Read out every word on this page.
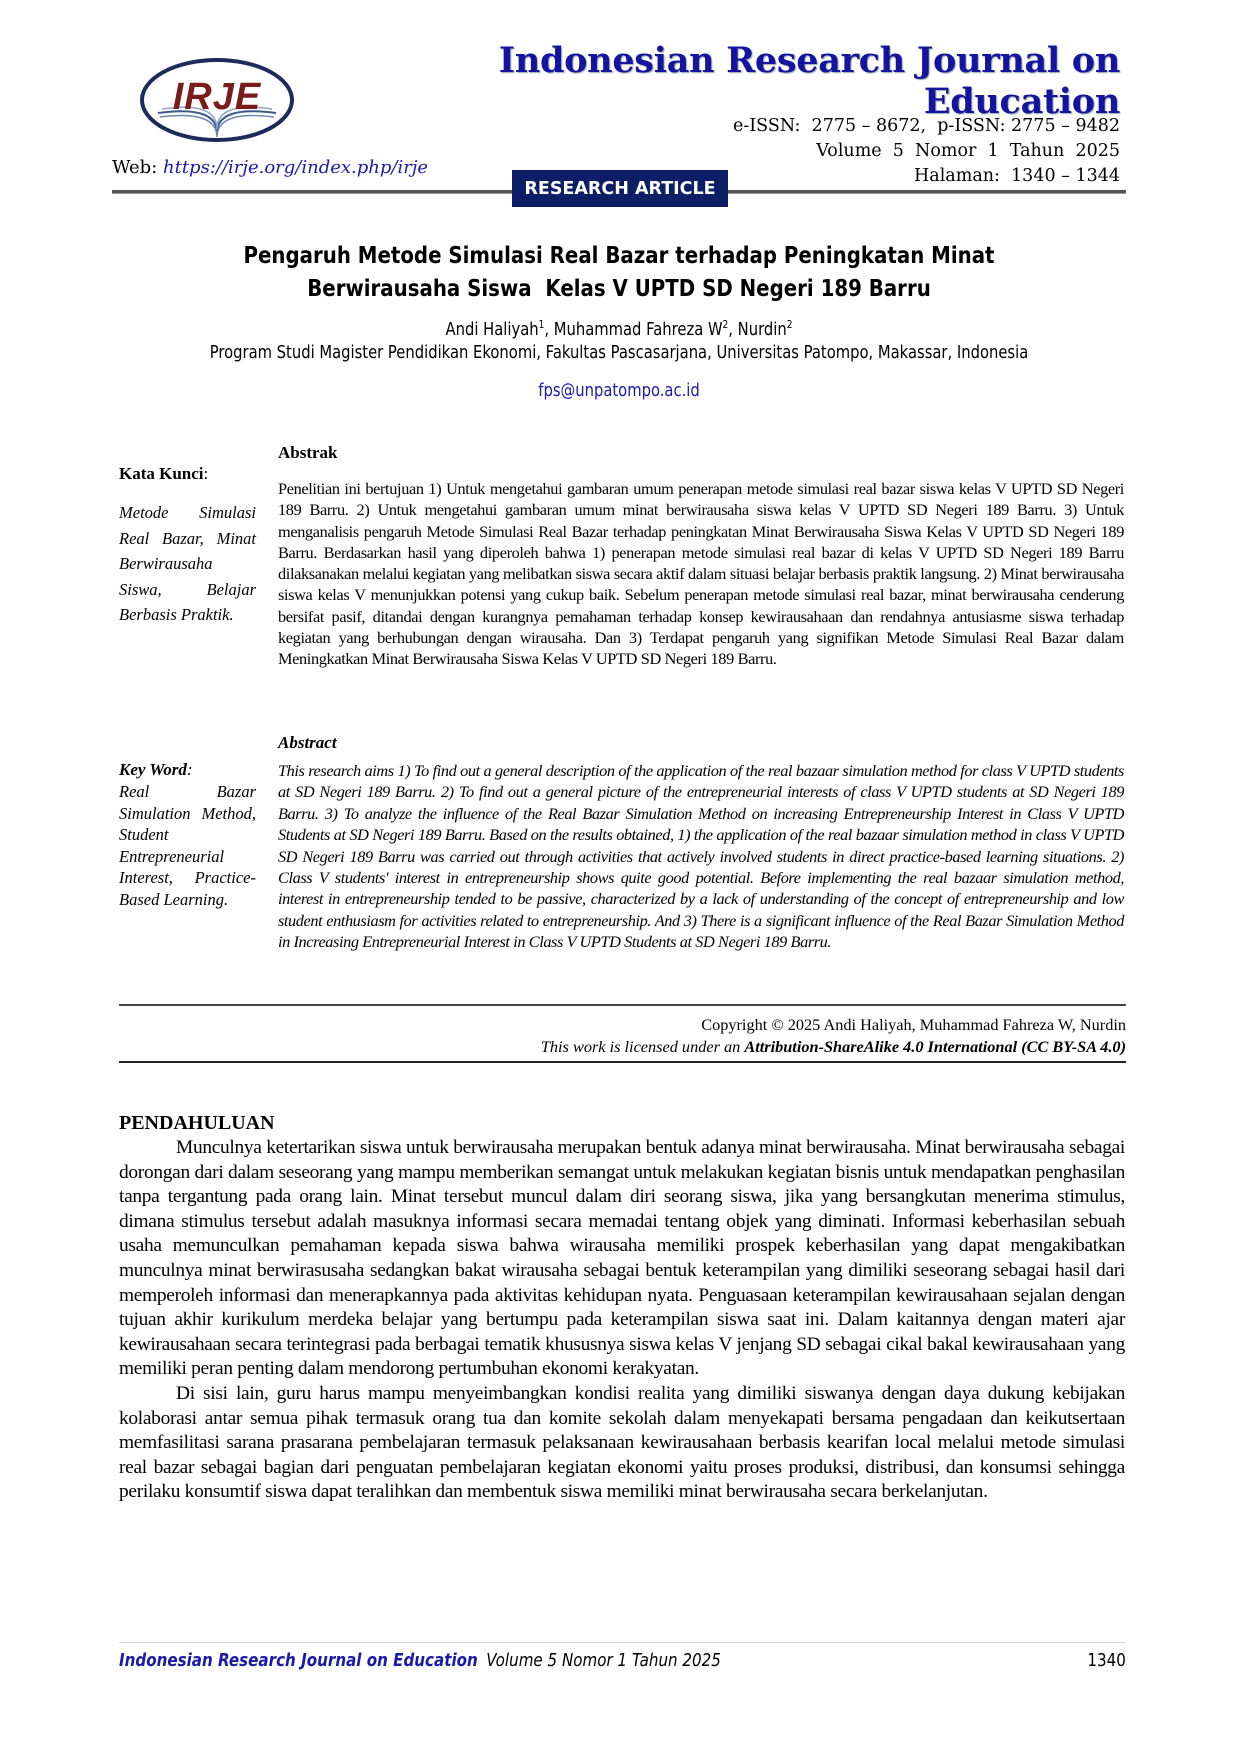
IRJE
Indonesian Research Journal on Education
e-ISSN:  2775 – 8672,  p-ISSN: 2775 – 9482
Volume  5  Nomor  1  Tahun  2025
Halaman:  1340 – 1344
Web: https://irje.org/index.php/irje
RESEARCH ARTICLE
Pengaruh Metode Simulasi Real Bazar terhadap Peningkatan Minat
Berwirausaha Siswa  Kelas V UPTD SD Negeri 189 Barru
Andi Haliyah$^1$, Muhammad Fahreza $W^2$, Nurdin$^2$
Program Studi Magister Pendidikan Ekonomi, Fakultas Pascasarjana, Universitas Patompo, Makassar, Indonesia
fps@unpatompo.ac.id
Kata Kunci:
Metode Simulasi Real Bazar, Minat Berwirausaha Siswa, Belajar Berbasis Praktik.
Abstrak
Penelitian ini bertujuan 1) Untuk mengetahui gambaran umum penerapan metode simulasi real bazar siswa kelas V UPTD SD Negeri 189 Barru. 2) Untuk mengetahui gambaran umum minat berwirausaha siswa kelas V UPTD SD Negeri 189 Barru. 3) Untuk menganalisis pengaruh Metode Simulasi Real Bazar terhadap peningkatan Minat Berwirausaha Siswa Kelas V UPTD SD Negeri 189 Barru. Berdasarkan hasil yang diperoleh bahwa 1) penerapan metode simulasi real bazar di kelas V UPTD SD Negeri 189 Barru dilaksanakan melalui kegiatan yang melibatkan siswa secara aktif dalam situasi belajar berbasis praktik langsung. 2) Minat berwirausaha siswa kelas V menunjukkan potensi yang cukup baik. Sebelum penerapan metode simulasi real bazar, minat berwirausaha cenderung bersifat pasif, ditandai dengan kurangnya pemahaman terhadap konsep kewirausahaan dan rendahnya antusiasme siswa terhadap kegiatan yang berhubungan dengan wirausaha. Dan 3) Terdapat pengaruh yang signifikan Metode Simulasi Real Bazar dalam Meningkatkan Minat Berwirausaha Siswa Kelas V UPTD SD Negeri 189 Barru.
Key Word:
Real Bazar Simulation Method, Student Entrepreneurial Interest, Practice-Based Learning.
Abstract
This research aims 1) To find out a general description of the application of the real bazaar simulation method for class V UPTD students at SD Negeri 189 Barru. 2) To find out a general picture of the entrepreneurial interests of class V UPTD students at SD Negeri 189 Barru. 3) To analyze the influence of the Real Bazar Simulation Method on increasing Entrepreneurship Interest in Class V UPTD Students at SD Negeri 189 Barru. Based on the results obtained, 1) the application of the real bazaar simulation method in class V UPTD SD Negeri 189 Barru was carried out through activities that actively involved students in direct practice-based learning situations. 2) Class V students' interest in entrepreneurship shows quite good potential. Before implementing the real bazaar simulation method, interest in entrepreneurship tended to be passive, characterized by a lack of understanding of the concept of entrepreneurship and low student enthusiasm for activities related to entrepreneurship. And 3) There is a significant influence of the Real Bazar Simulation Method in Increasing Entrepreneurial Interest in Class V UPTD Students at SD Negeri 189 Barru.
Copyright © 2025 Andi Haliyah, Muhammad Fahreza W, Nurdin
This work is licensed under an Attribution-ShareAlike 4.0 International (CC BY-SA 4.0)
PENDAHULUAN

Munculnya ketertarikan siswa untuk berwirausaha merupakan bentuk adanya minat berwirausaha. Minat berwirausaha sebagai dorongan dari dalam seseorang yang mampu memberikan semangat untuk melakukan kegiatan bisnis untuk mendapatkan penghasilan tanpa tergantung pada orang lain. Minat tersebut muncul dalam diri seorang siswa, jika yang bersangkutan menerima stimulus, dimana stimulus tersebut adalah masuknya informasi secara memadai tentang objek yang diminati. Informasi keberhasilan sebuah usaha memunculkan pemahaman kepada siswa bahwa wirausaha memiliki prospek keberhasilan yang dapat mengakibatkan munculnya minat berwirasusaha sedangkan bakat wirausaha sebagai bentuk keterampilan yang dimiliki seseorang sebagai hasil dari memperoleh informasi dan menerapkannya pada aktivitas kehidupan nyata. Penguasaan keterampilan kewirausahaan sejalan dengan tujuan akhir kurikulum merdeka belajar yang bertumpu pada keterampilan siswa saat ini. Dalam kaitannya dengan materi ajar kewirausahaan secara terintegrasi pada berbagai tematik khususnya siswa kelas V jenjang SD sebagai cikal bakal kewirausahaan yang memiliki peran penting dalam mendorong pertumbuhan ekonomi kerakyatan.

Di sisi lain, guru harus mampu menyeimbangkan kondisi realita yang dimiliki siswanya dengan daya dukung kebijakan kolaborasi antar semua pihak termasuk orang tua dan komite sekolah dalam menyekapati bersama pengadaan dan keikutsertaan memfasilitasi sarana prasarana pembelajaran termasuk pelaksanaan kewirausahaan berbasis kearifan local melalui metode simulasi real bazar sebagai bagian dari penguatan pembelajaran kegiatan ekonomi yaitu proses produksi, distribusi, dan konsumsi sehingga perilaku konsumtif siswa dapat teralihkan dan membentuk siswa memiliki minat berwirausaha secara berkelanjutan.

Indonesian Research Journal on Education Volume 5 Nomor 1 Tahun 2025	1340
